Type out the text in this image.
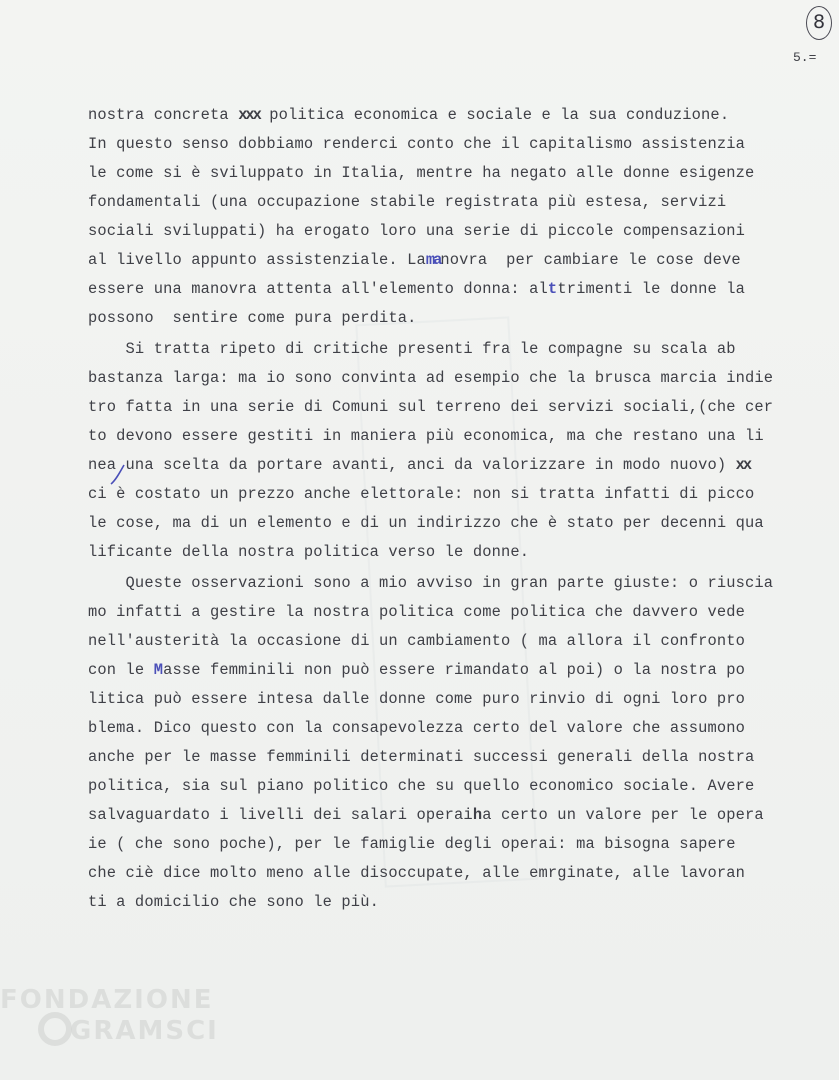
8
5.=
nostra concreta xxx politica economica e sociale e la sua conduzione.
In questo senso dobbiamo renderci conto che il capitalismo assistenzia
le come si è sviluppato in Italia, mentre ha negato alle donne esigenze
fondamentali (una occupazione stabile registrata più estesa, servizi
sociali sviluppati) ha erogato loro una serie di piccole compensazioni
al livello appunto assistenziale. Lamanovra  per cambiare le cose deve
essere una manovra attenta all'elemento donna: alttrimenti le donne la
possono  sentire come pura perdita.
Si tratta ripeto di critiche presenti fra le compagne su scala ab
bastanza larga: ma io sono convinta ad esempio che la brusca marcia indie
tro fatta in una serie di Comuni sul terreno dei servizi sociali,(che cer
to devono essere gestiti in maniera più economica, ma che restano una li
nea una scelta da portare avanti, anci da valorizzare in modo nuovo) xx
ci è costato un prezzo anche elettorale: non si tratta infatti di picco
le cose, ma di un elemento e di un indirizzo che è stato per decenni qua
lificante della nostra politica verso le donne.
Queste osservazioni sono a mio avviso in gran parte giuste: o riuscia
mo infatti a gestire la nostra politica come politica che davvero vede
nell'austerità la occasione di un cambiamento ( ma allora il confronto
con le Masse femminili non può essere rimandato al poi) o la nostra po
litica può essere intesa dalle donne come puro rinvio di ogni loro pro
blema. Dico questo con la consapevolezza certo del valore che assumono
anche per le masse femminili determinati successi generali della nostra
politica, sia sul piano politico che su quello economico sociale. Avere
salvaguardato i livelli dei salari operaiha certo un valore per le opera
ie ( che sono poche), per le famiglie degli operai: ma bisogna sapere
che ciè dice molto meno alle disoccupate, alle emrginate, alle lavoran
ti a domicilio che sono le più.
FONDAZIONE
GRAMSCI
